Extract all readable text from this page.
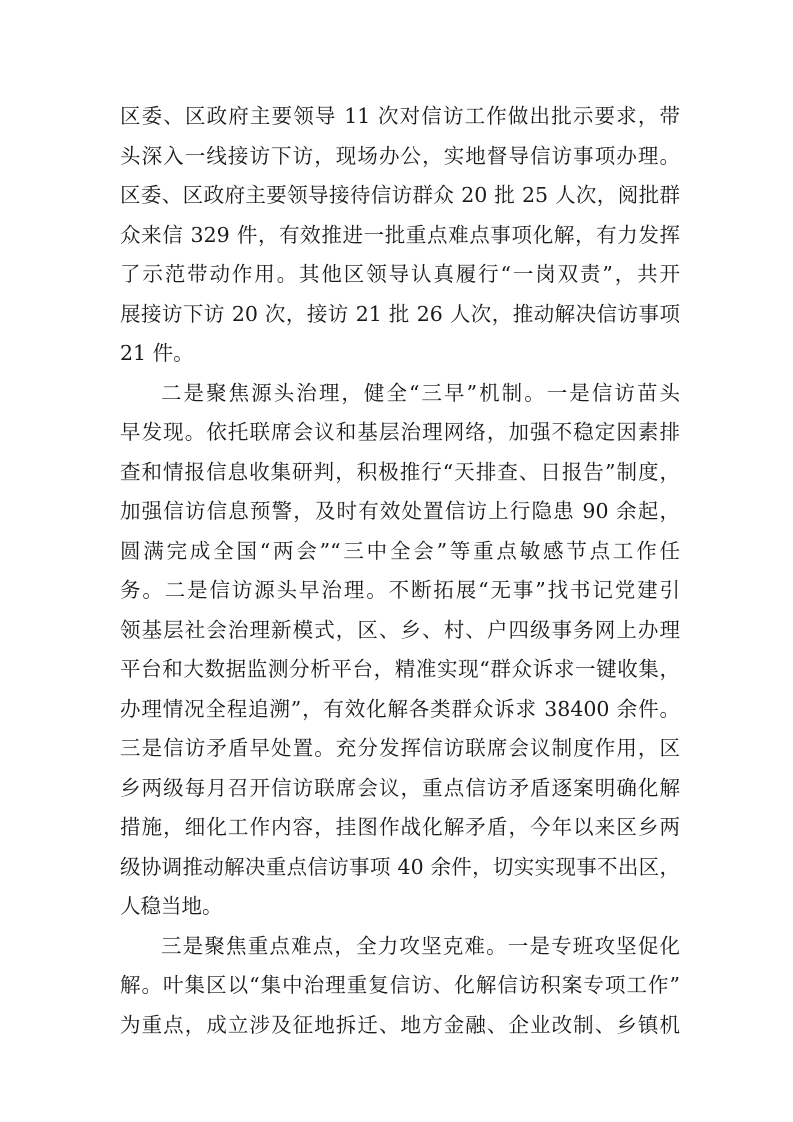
区委、区政府主要领导 11 次对信访工作做出批示要求，带
头深入一线接访下访，现场办公，实地督导信访事项办理。
区委、区政府主要领导接待信访群众 20 批 25 人次，阅批群
众来信 329 件，有效推进一批重点难点事项化解，有力发挥
了示范带动作用。其他区领导认真履行“一岗双责”，共开
展接访下访 20 次，接访 21 批 26 人次，推动解决信访事项
21 件。
二是聚焦源头治理，健全“三早”机制。一是信访苗头
早发现。依托联席会议和基层治理网络，加强不稳定因素排
查和情报信息收集研判，积极推行“天排查、日报告”制度，
加强信访信息预警，及时有效处置信访上行隐患 90 余起，
圆满完成全国“两会”“三中全会”等重点敏感节点工作任
务。二是信访源头早治理。不断拓展“无事”找书记党建引
领基层社会治理新模式，区、乡、村、户四级事务网上办理
平台和大数据监测分析平台，精准实现“群众诉求一键收集，
办理情况全程追溯”，有效化解各类群众诉求 38400 余件。
三是信访矛盾早处置。充分发挥信访联席会议制度作用，区
乡两级每月召开信访联席会议，重点信访矛盾逐案明确化解
措施，细化工作内容，挂图作战化解矛盾，今年以来区乡两
级协调推动解决重点信访事项 40 余件，切实实现事不出区，
人稳当地。
三是聚焦重点难点，全力攻坚克难。一是专班攻坚促化
解。叶集区以“集中治理重复信访、化解信访积案专项工作”
为重点，成立涉及征地拆迁、地方金融、企业改制、乡镇机
